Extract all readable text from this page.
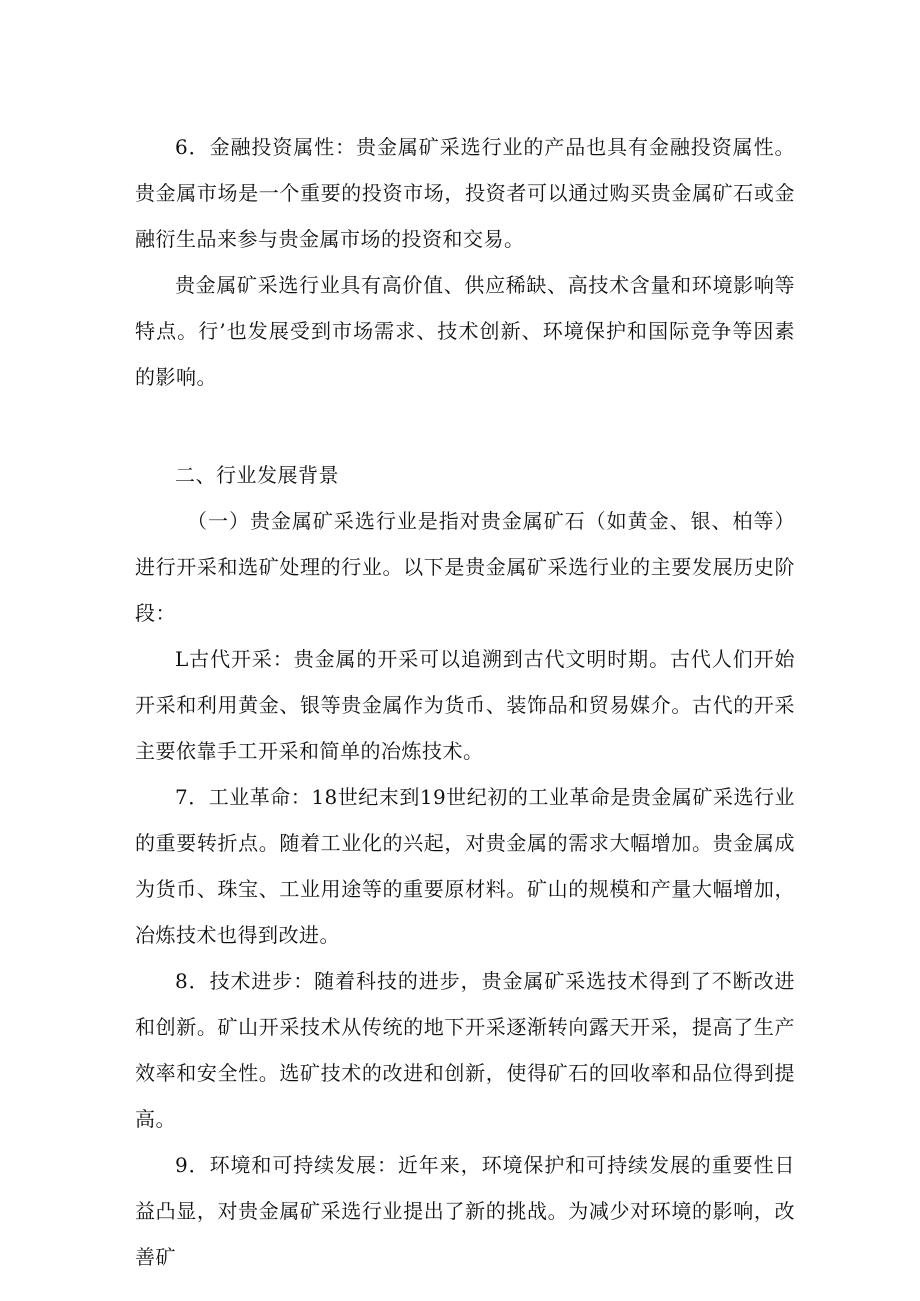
6．金融投资属性：贵金属矿采选行业的产品也具有金融投资属性。贵金属市场是一个重要的投资市场，投资者可以通过购买贵金属矿石或金融衍生品来参与贵金属市场的投资和交易。

贵金属矿采选行业具有高价值、供应稀缺、高技术含量和环境影响等特点。行’也发展受到市场需求、技术创新、环境保护和国际竞争等因素的影响。

二、行业发展背景

（一）贵金属矿采选行业是指对贵金属矿石（如黄金、银、柏等）进行开采和选矿处理的行业。以下是贵金属矿采选行业的主要发展历史阶段：

L古代开采：贵金属的开采可以追溯到古代文明时期。古代人们开始开采和利用黄金、银等贵金属作为货币、装饰品和贸易媒介。古代的开采主要依靠手工开采和简单的冶炼技术。

7．工业革命：18世纪末到19世纪初的工业革命是贵金属矿采选行业的重要转折点。随着工业化的兴起，对贵金属的需求大幅增加。贵金属成为货币、珠宝、工业用途等的重要原材料。矿山的规模和产量大幅增加，冶炼技术也得到改进。

8．技术进步：随着科技的进步，贵金属矿采选技术得到了不断改进和创新。矿山开采技术从传统的地下开采逐渐转向露天开采，提高了生产效率和安全性。选矿技术的改进和创新，使得矿石的回收率和品位得到提高。

9．环境和可持续发展：近年来，环境保护和可持续发展的重要性日益凸显，对贵金属矿采选行业提出了新的挑战。为减少对环境的影响，改善矿
